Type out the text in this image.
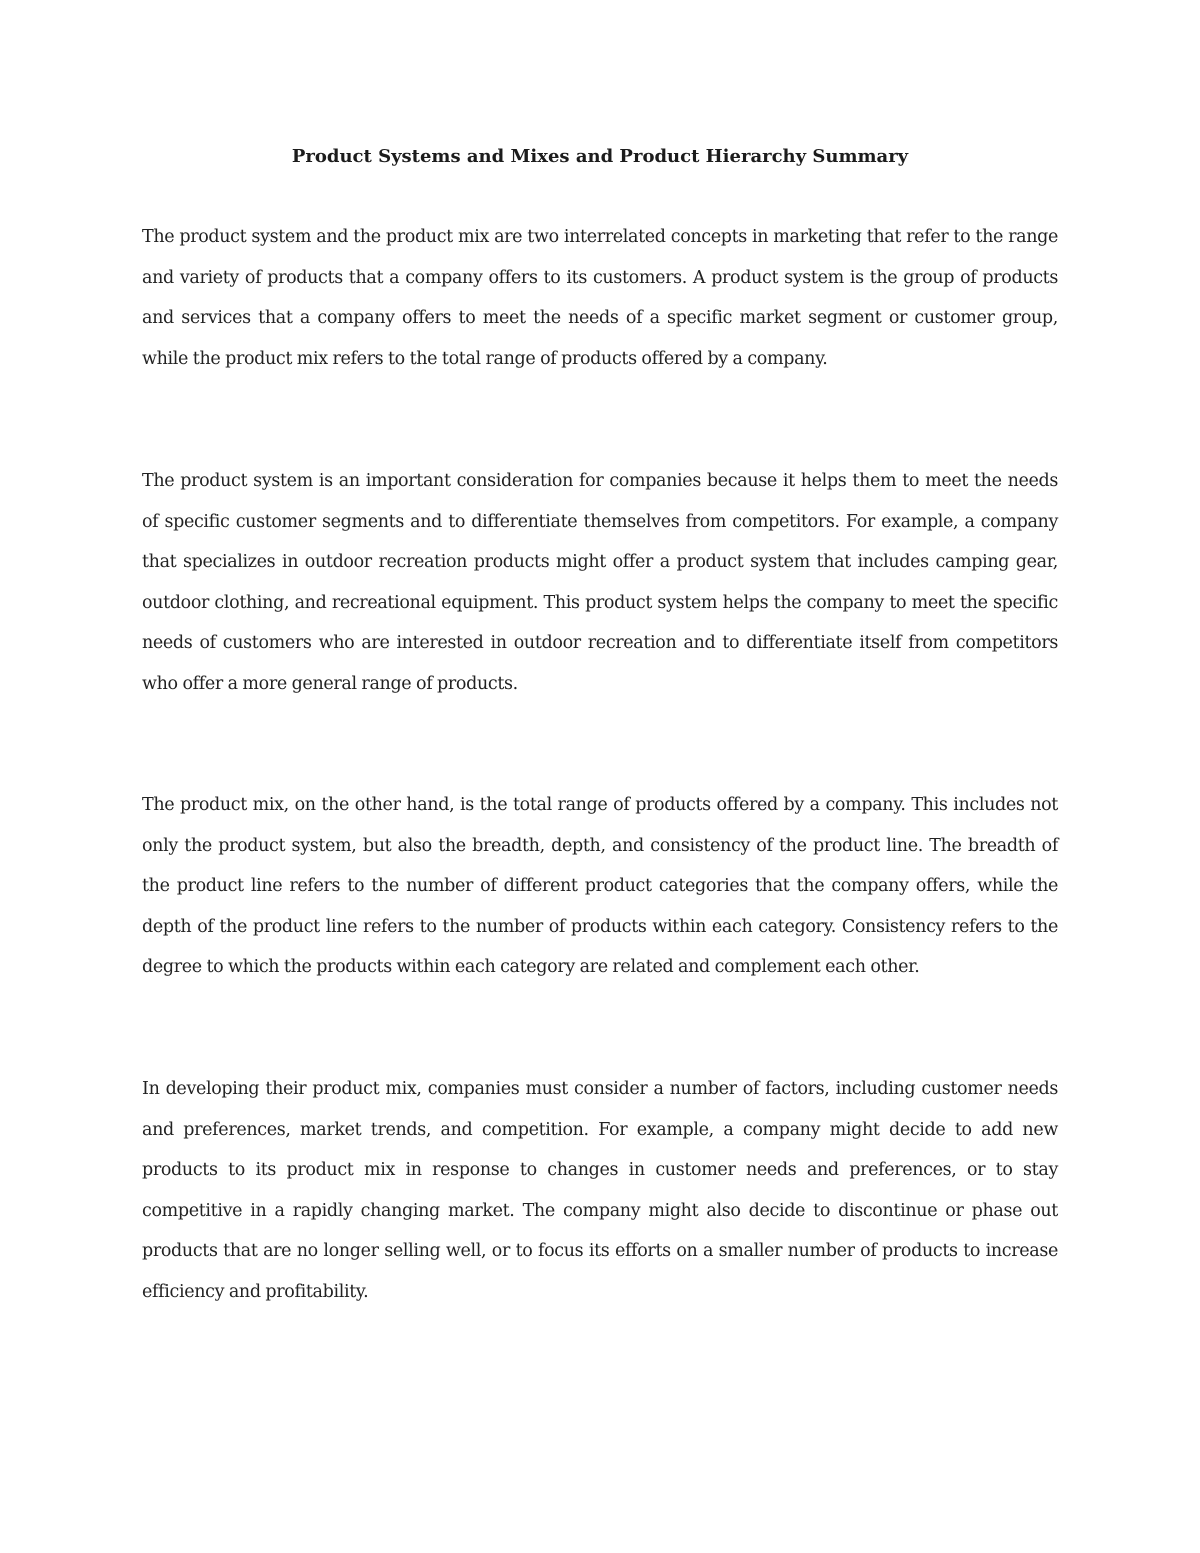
Product Systems and Mixes and Product Hierarchy Summary

The product system and the product mix are two interrelated concepts in marketing that refer to the range and variety of products that a company offers to its customers. A product system is the group of products and services that a company offers to meet the needs of a specific market segment or customer group, while the product mix refers to the total range of products offered by a company.

The product system is an important consideration for companies because it helps them to meet the needs of specific customer segments and to differentiate themselves from competitors. For example, a company that specializes in outdoor recreation products might offer a product system that includes camping gear, outdoor clothing, and recreational equipment. This product system helps the company to meet the specific needs of customers who are interested in outdoor recreation and to differentiate itself from competitors who offer a more general range of products.

The product mix, on the other hand, is the total range of products offered by a company. This includes not only the product system, but also the breadth, depth, and consistency of the product line. The breadth of the product line refers to the number of different product categories that the company offers, while the depth of the product line refers to the number of products within each category. Consistency refers to the degree to which the products within each category are related and complement each other.

In developing their product mix, companies must consider a number of factors, including customer needs and preferences, market trends, and competition. For example, a company might decide to add new products to its product mix in response to changes in customer needs and preferences, or to stay competitive in a rapidly changing market. The company might also decide to discontinue or phase out products that are no longer selling well, or to focus its efforts on a smaller number of products to increase efficiency and profitability.
